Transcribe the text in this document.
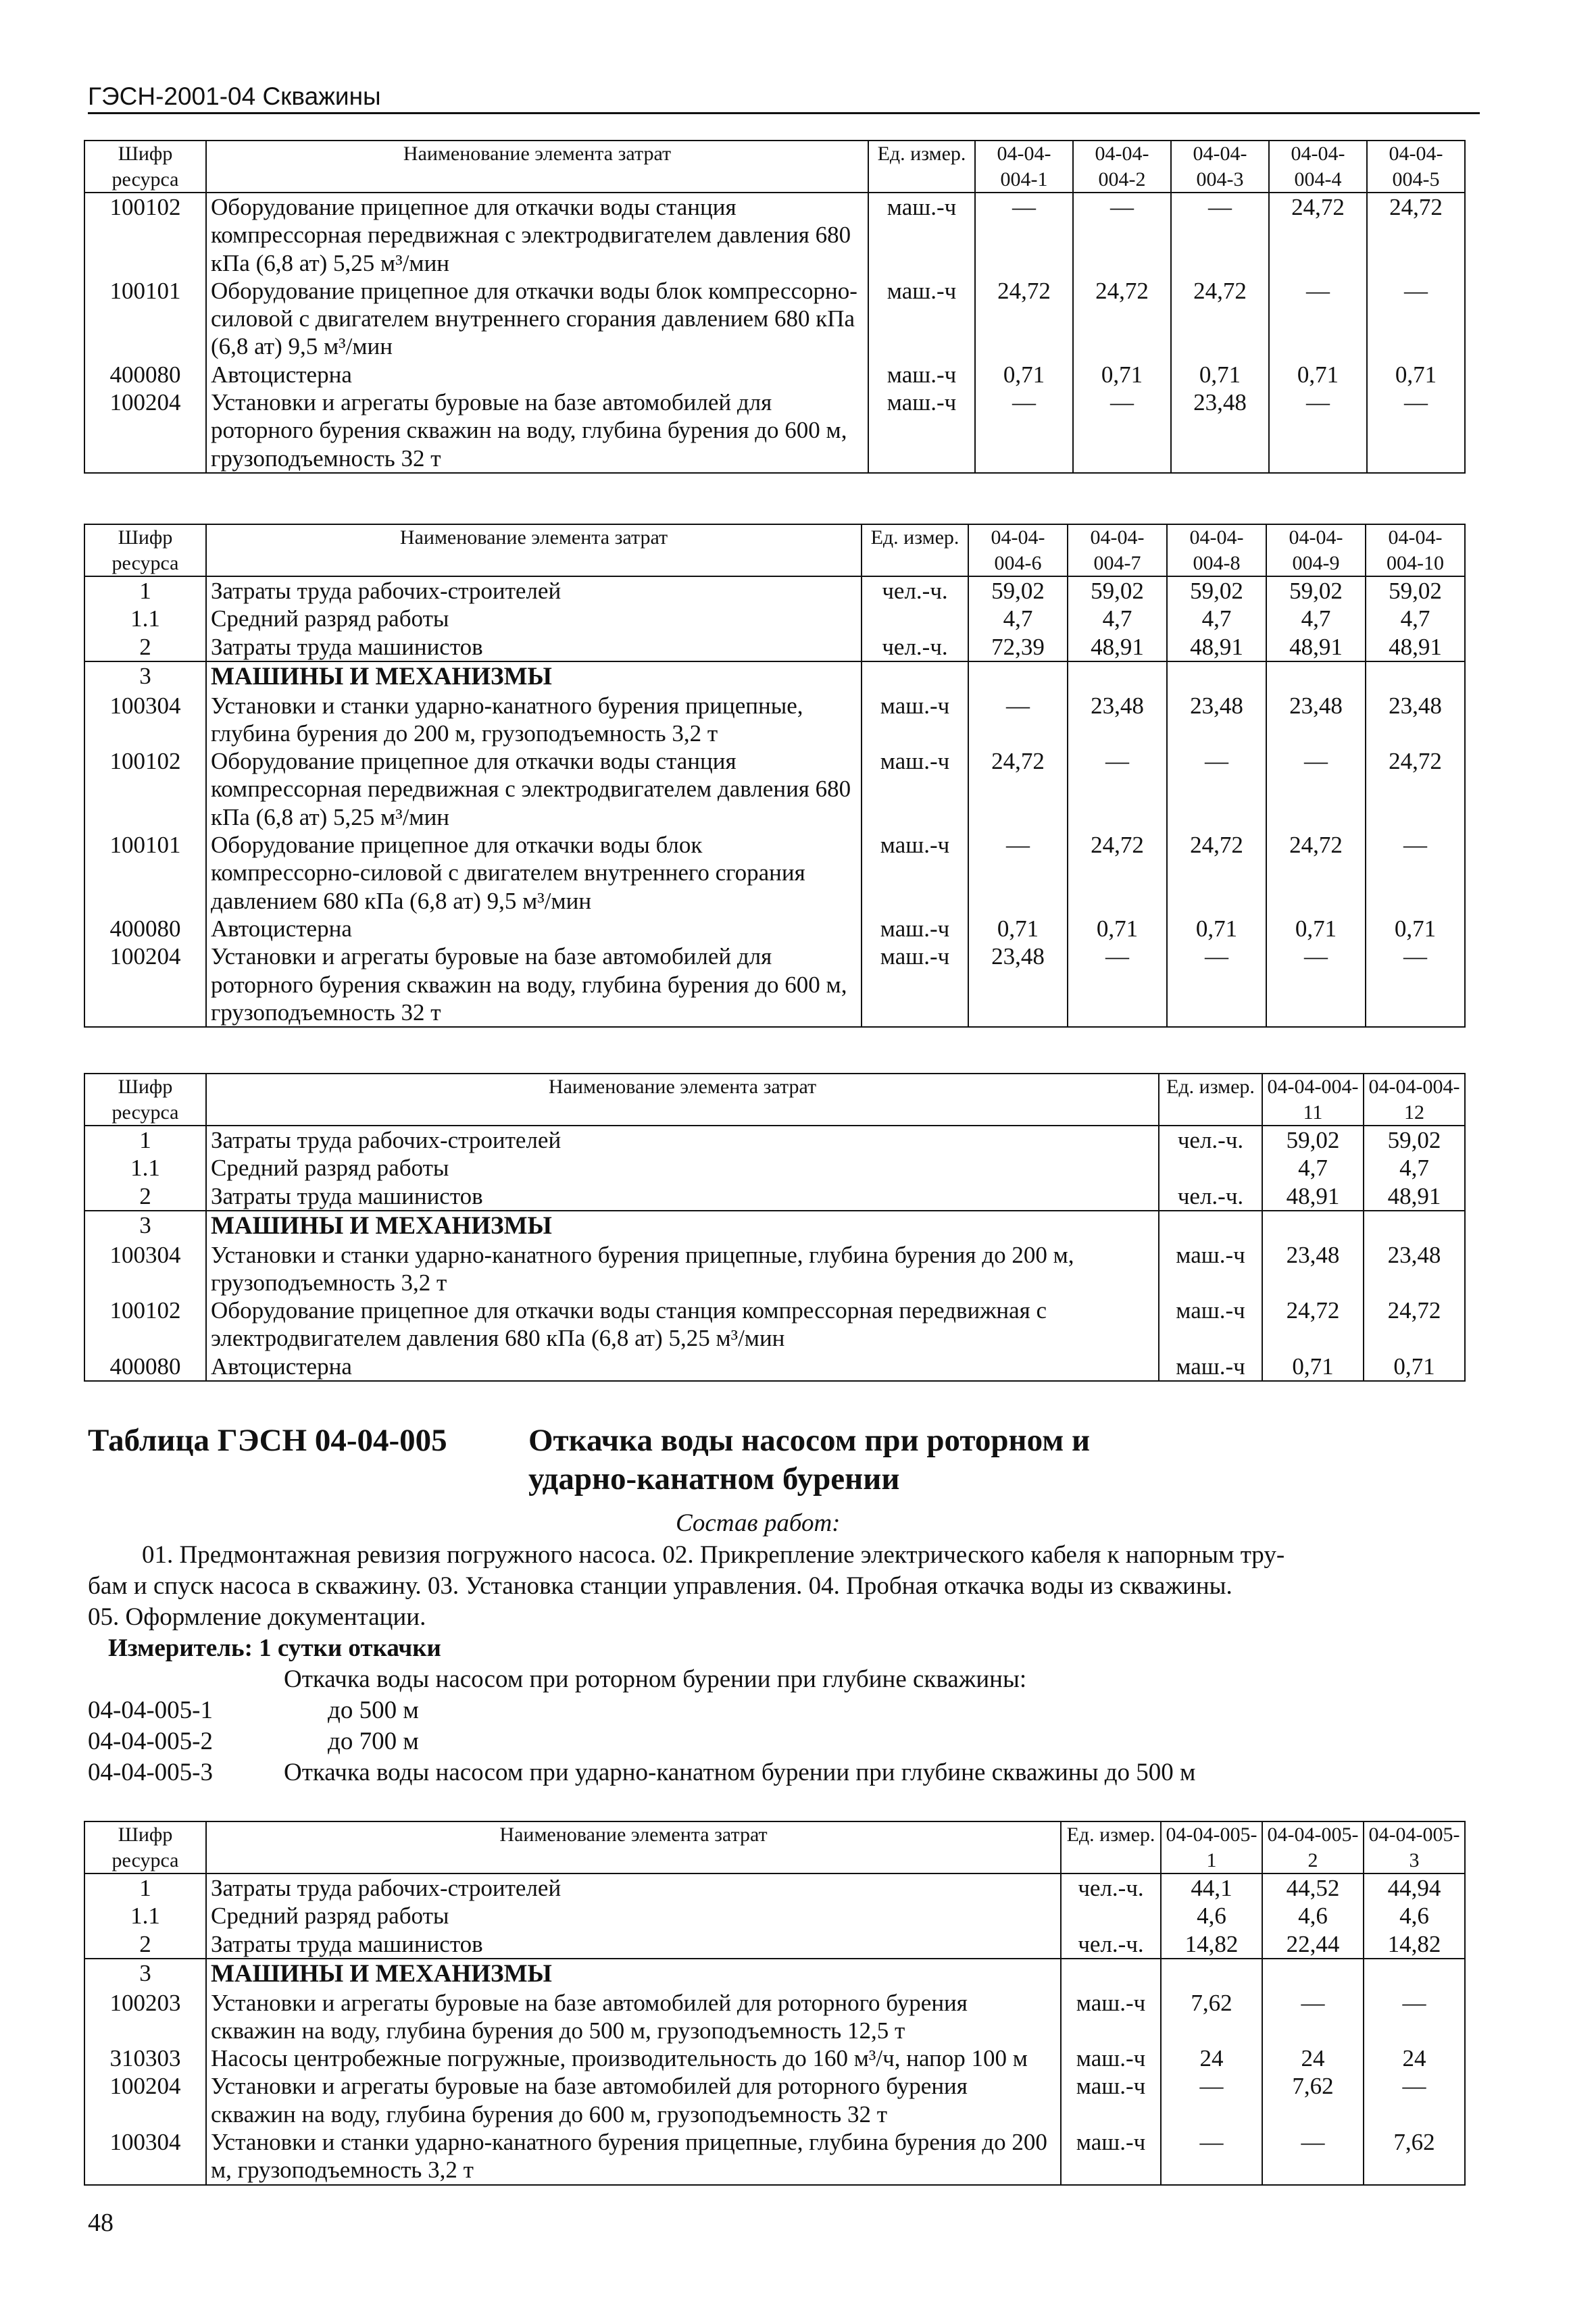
ГЭСН-2001-04 Скважины
Шифр ресурса	Наименование элемента затрат	Ед. измер.	04-04-004-1	04-04-004-2	04-04-004-3	04-04-004-4	04-04-004-5
100102	Оборудование прицепное для откачки воды станция компрессорная передвижная с электродвигателем давления 680 кПа (6,8 ат) 5,25 м³/мин	маш.-ч	—	—	—	24,72	24,72
100101	Оборудование прицепное для откачки воды блок компрессорно-силовой с двигателем внутреннего сгорания давлением 680 кПа (6,8 ат) 9,5 м³/мин	маш.-ч	24,72	24,72	24,72	—	—
400080	Автоцистерна	маш.-ч	0,71	0,71	0,71	0,71	0,71
100204	Установки и агрегаты буровые на базе автомобилей для роторного бурения скважин на воду, глубина бурения до 600 м, грузоподъемность 32 т	маш.-ч	—	—	23,48	—	—
Шифр ресурса	Наименование элемента затрат	Ед. измер.	04-04-004-6	04-04-004-7	04-04-004-8	04-04-004-9	04-04-004-10
1	Затраты труда рабочих-строителей	чел.-ч.	59,02	59,02	59,02	59,02	59,02
1.1	Средний разряд работы		4,7	4,7	4,7	4,7	4,7
2	Затраты труда машинистов	чел.-ч.	72,39	48,91	48,91	48,91	48,91
3	МАШИНЫ И МЕХАНИЗМЫ						
100304	Установки и станки ударно-канатного бурения прицепные, глубина бурения до 200 м, грузоподъемность 3,2 т	маш.-ч	—	23,48	23,48	23,48	23,48
100102	Оборудование прицепное для откачки воды станция компрессорная передвижная с электродвигателем давления 680 кПа (6,8 ат) 5,25 м³/мин	маш.-ч	24,72	—	—	—	24,72
100101	Оборудование прицепное для откачки воды блок компрессорно-силовой с двигателем внутреннего сгорания давлением 680 кПа (6,8 ат) 9,5 м³/мин	маш.-ч	—	24,72	24,72	24,72	—
400080	Автоцистерна	маш.-ч	0,71	0,71	0,71	0,71	0,71
100204	Установки и агрегаты буровые на базе автомобилей для роторного бурения скважин на воду, глубина бурения до 600 м, грузоподъемность 32 т	маш.-ч	23,48	—	—	—	—
Шифр ресурса	Наименование элемента затрат	Ед. измер.	04-04-004-11	04-04-004-12
1	Затраты труда рабочих-строителей	чел.-ч.	59,02	59,02
1.1	Средний разряд работы		4,7	4,7
2	Затраты труда машинистов	чел.-ч.	48,91	48,91
3	МАШИНЫ И МЕХАНИЗМЫ			
100304	Установки и станки ударно-канатного бурения прицепные, глубина бурения до 200 м, грузоподъемность 3,2 т	маш.-ч	23,48	23,48
100102	Оборудование прицепное для откачки воды станция компрессорная передвижная с электродвигателем давления 680 кПа (6,8 ат) 5,25 м³/мин	маш.-ч	24,72	24,72
400080	Автоцистерна	маш.-ч	0,71	0,71
Таблица ГЭСН 04-04-005	Откачка воды насосом при роторном и
ударно-канатном бурении
Состав работ:
01. Предмонтажная ревизия погружного насоса. 02. Прикрепление электрического кабеля к напорным тру-
бам и спуск насоса в скважину. 03. Установка станции управления. 04. Пробная откачка воды из скважины.
05. Оформление документации.
Измеритель: 1 сутки откачки
Откачка воды насосом при роторном бурении при глубине скважины:
04-04-005-1	до 500 м
04-04-005-2	до 700 м
04-04-005-3	Откачка воды насосом при ударно-канатном бурении при глубине скважины до 500 м
Шифр ресурса	Наименование элемента затрат	Ед. измер.	04-04-005-1	04-04-005-2	04-04-005-3
1	Затраты труда рабочих-строителей	чел.-ч.	44,1	44,52	44,94
1.1	Средний разряд работы		4,6	4,6	4,6
2	Затраты труда машинистов	чел.-ч.	14,82	22,44	14,82
3	МАШИНЫ И МЕХАНИЗМЫ				
100203	Установки и агрегаты буровые на базе автомобилей для роторного бурения скважин на воду, глубина бурения до 500 м, грузоподъемность 12,5 т	маш.-ч	7,62	—	—
310303	Насосы центробежные погружные, производительность до 160 м³/ч, напор 100 м	маш.-ч	24	24	24
100204	Установки и агрегаты буровые на базе автомобилей для роторного бурения скважин на воду, глубина бурения до 600 м, грузоподъемность 32 т	маш.-ч	—	7,62	—
100304	Установки и станки ударно-канатного бурения прицепные, глубина бурения до 200 м, грузоподъемность 3,2 т	маш.-ч	—	—	7,62
48
